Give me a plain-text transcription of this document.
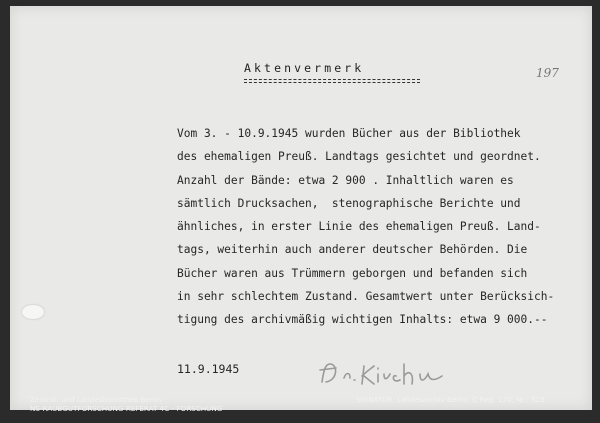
Aktenvermerk	197
Vom 3. - 10.9.1945 wurden Bücher aus der Bibliothek
des ehemaligen Preuß. Landtags gesichtet und geordnet.
Anzahl der Bände: etwa 2 900 . Inhaltlich waren es
sämtlich Drucksachen,  stenographische Berichte und
ähnliches, in erster Linie des ehemaligen Preuß. Land-
tags, weiterhin auch anderer deutscher Behörden. Die
Bücher waren aus Trümmern geborgen und befanden sich
in sehr schlechtem Zustand. Gesamtwert unter Berücksich-
tigung des archivmäßig wichtigen Inhalts: etwa 9 000.--
11.9.1945
Zentral- und Landesbibliothek Berlin
NS-RAUBGUTFORSCHUNG REFERAT 4C - FORSCHUNG
SIGNATUR: Landesarchiv Berlin, C Rep. 120, Nr.: 513
